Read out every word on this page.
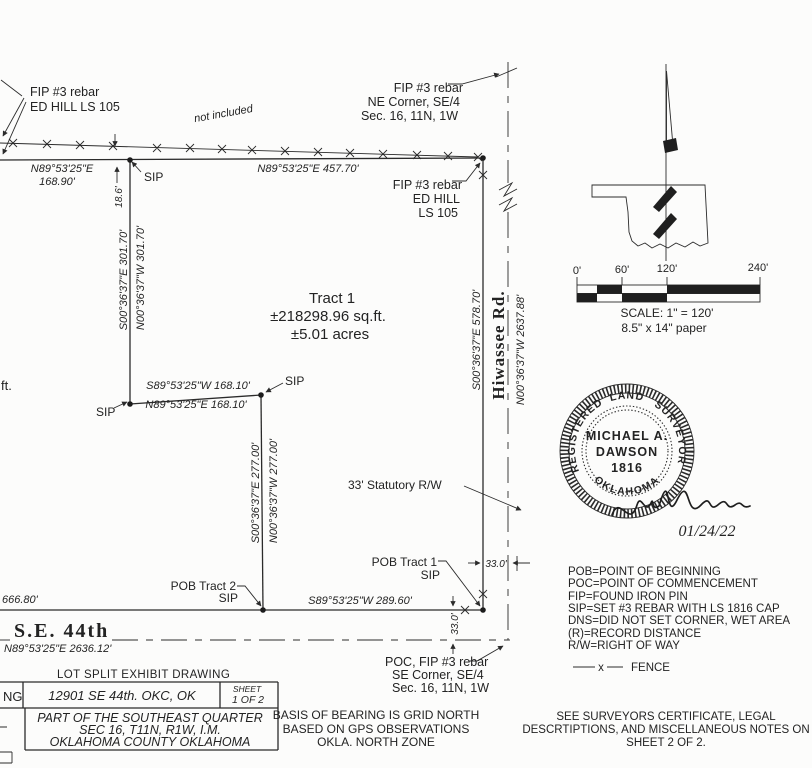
FIP #3 rebar
ED HILL LS 105	not included
N89°53'25"E
168.90'	SIP
18.6'
N89°53'25"E 457.70'
FIP #3 rebar
NE Corner, SE/4
Sec. 16, 11N, 1W
FIP #3 rebar
ED HILL
LS 105
S00°36'37"E 301.70' N00°36'37"W 301.70'	Tract 1
±218298.96 sq.ft.
±5.01 acres
S89°53'25"W 168.10'
N89°53'25"E 168.10'
SIP
SIP
ft.
S00°36'37"E 277.00' N00°36'37"W 277.00'
S00°36'37"E 578.70' Hiwassee Rd. N00°36'37"W 2637.88'
33' Statutory R/W
33.0'
33.0'
POB Tract 1
SIP
POB Tract 2
SIP
POC, FIP #3 rebar
SE Corner, SE/4
Sec. 16, 11N, 1W
666.80'	S89°53'25"W 289.60'
S.E. 44th
N89°53'25"E 2636.12'
0'	60'	120'	240'
SCALE: 1" = 120'
8.5" x 14" paper
REGISTERED LAND
SURVEYOR
OKLAHOMA
MICHAEL A.
DAWSON
1816
01/24/22
POB=POINT OF BEGINNING
POC=POINT OF COMMENCEMENT
FIP=FOUND IRON PIN
SIP=SET #3 REBAR WITH LS 1816 CAP
DNS=DID NOT SET CORNER, WET AREA
(R)=RECORD DISTANCE
R/W=RIGHT OF WAY
x FENCE
LOT SPLIT EXHIBIT DRAWING
NG 12901 SE 44th. OKC, OK	SHEET
1 OF 2
PART OF THE SOUTHEAST QUARTER
SEC 16, T11N, R1W, I.M.
OKLAHOMA COUNTY OKLAHOMA
BASIS OF BEARING IS GRID NORTH
BASED ON GPS OBSERVATIONS
OKLA. NORTH ZONE
SEE SURVEYORS CERTIFICATE, LEGAL
DESCRTIPTIONS, AND MISCELLANEOUS NOTES ON
SHEET 2 OF 2.
